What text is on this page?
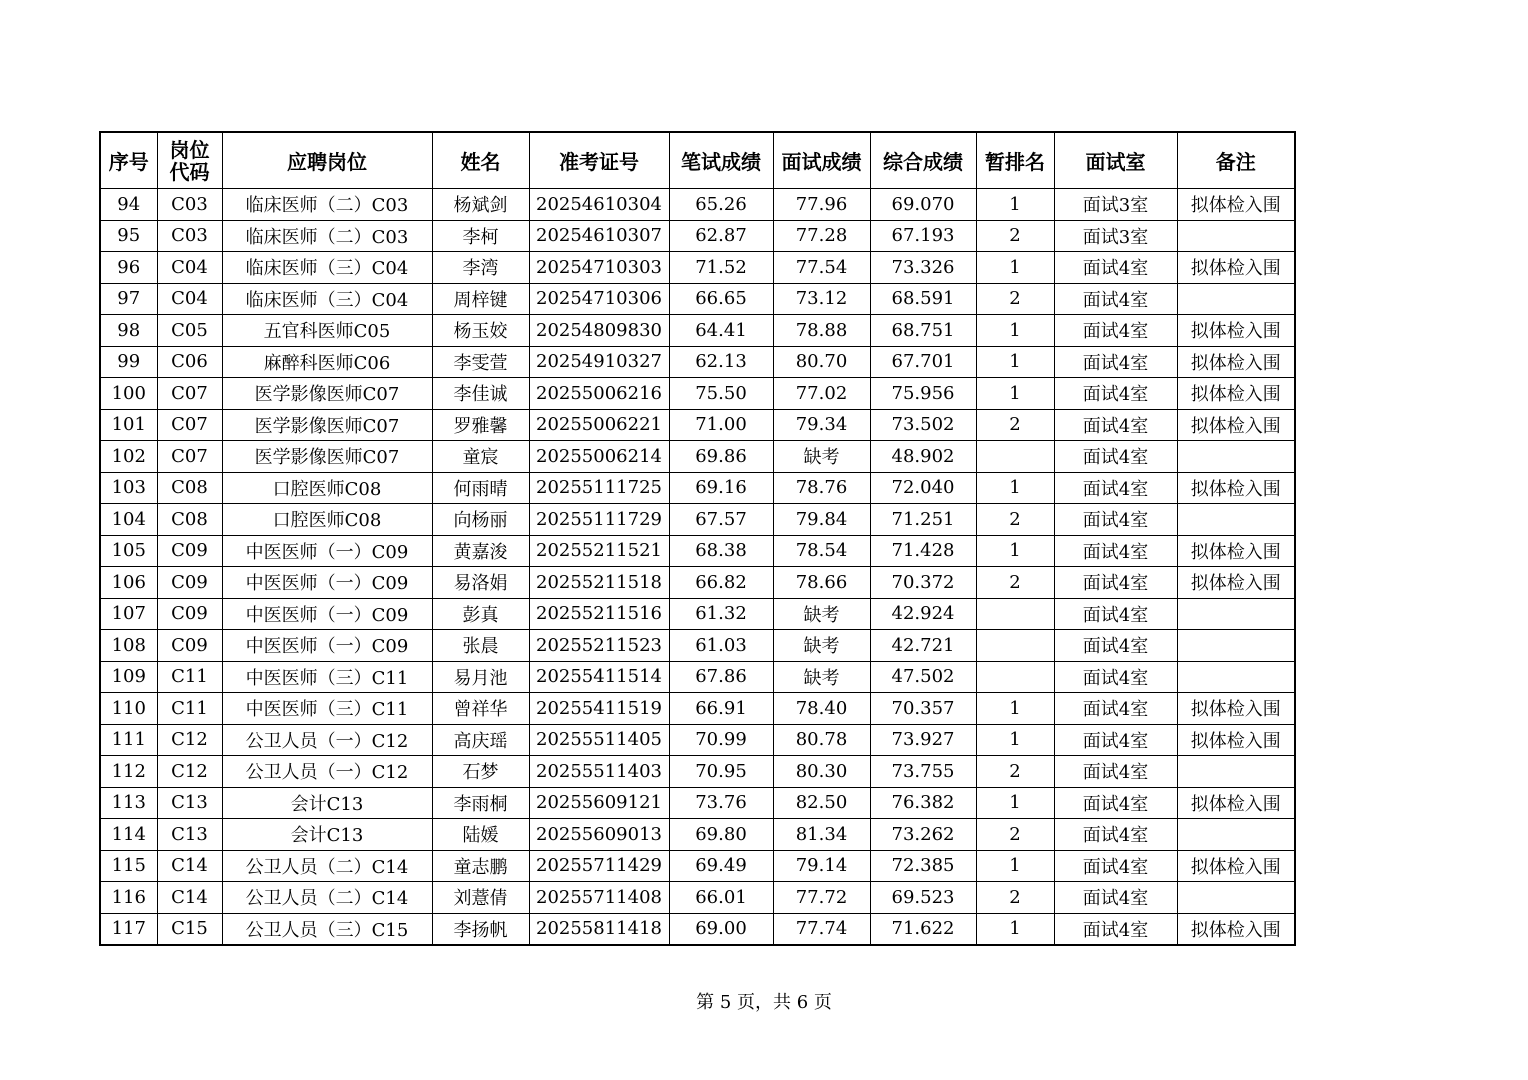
序号	岗位代码	应聘岗位	姓名	准考证号	笔试成绩	面试成绩	综合成绩	暂排名	面试室	备注
94	C03	临床医师（二）C03	杨斌剑	20254610304	65.26	77.96	69.070	1	面试3室	拟体检入围
95	C03	临床医师（二）C03	李柯	20254610307	62.87	77.28	67.193	2	面试3室	
96	C04	临床医师（三）C04	李湾	20254710303	71.52	77.54	73.326	1	面试4室	拟体检入围
97	C04	临床医师（三）C04	周梓键	20254710306	66.65	73.12	68.591	2	面试4室	
98	C05	五官科医师C05	杨玉姣	20254809830	64.41	78.88	68.751	1	面试4室	拟体检入围
99	C06	麻醉科医师C06	李雯萱	20254910327	62.13	80.70	67.701	1	面试4室	拟体检入围
100	C07	医学影像医师C07	李佳诚	20255006216	75.50	77.02	75.956	1	面试4室	拟体检入围
101	C07	医学影像医师C07	罗雅馨	20255006221	71.00	79.34	73.502	2	面试4室	拟体检入围
102	C07	医学影像医师C07	童宸	20255006214	69.86	缺考	48.902		面试4室	
103	C08	口腔医师C08	何雨晴	20255111725	69.16	78.76	72.040	1	面试4室	拟体检入围
104	C08	口腔医师C08	向杨丽	20255111729	67.57	79.84	71.251	2	面试4室	
105	C09	中医医师（一）C09	黄嘉浚	20255211521	68.38	78.54	71.428	1	面试4室	拟体检入围
106	C09	中医医师（一）C09	易洛娟	20255211518	66.82	78.66	70.372	2	面试4室	拟体检入围
107	C09	中医医师（一）C09	彭真	20255211516	61.32	缺考	42.924		面试4室	
108	C09	中医医师（一）C09	张晨	20255211523	61.03	缺考	42.721		面试4室	
109	C11	中医医师（三）C11	易月池	20255411514	67.86	缺考	47.502		面试4室	
110	C11	中医医师（三）C11	曾祥华	20255411519	66.91	78.40	70.357	1	面试4室	拟体检入围
111	C12	公卫人员（一）C12	高庆瑶	20255511405	70.99	80.78	73.927	1	面试4室	拟体检入围
112	C12	公卫人员（一）C12	石梦	20255511403	70.95	80.30	73.755	2	面试4室	
113	C13	会计C13	李雨桐	20255609121	73.76	82.50	76.382	1	面试4室	拟体检入围
114	C13	会计C13	陆媛	20255609013	69.80	81.34	73.262	2	面试4室	
115	C14	公卫人员（二）C14	童志鹏	20255711429	69.49	79.14	72.385	1	面试4室	拟体检入围
116	C14	公卫人员（二）C14	刘薏倩	20255711408	66.01	77.72	69.523	2	面试4室	
117	C15	公卫人员（三）C15	李扬帆	20255811418	69.00	77.74	71.622	1	面试4室	拟体检入围
第 5 页，共 6 页
